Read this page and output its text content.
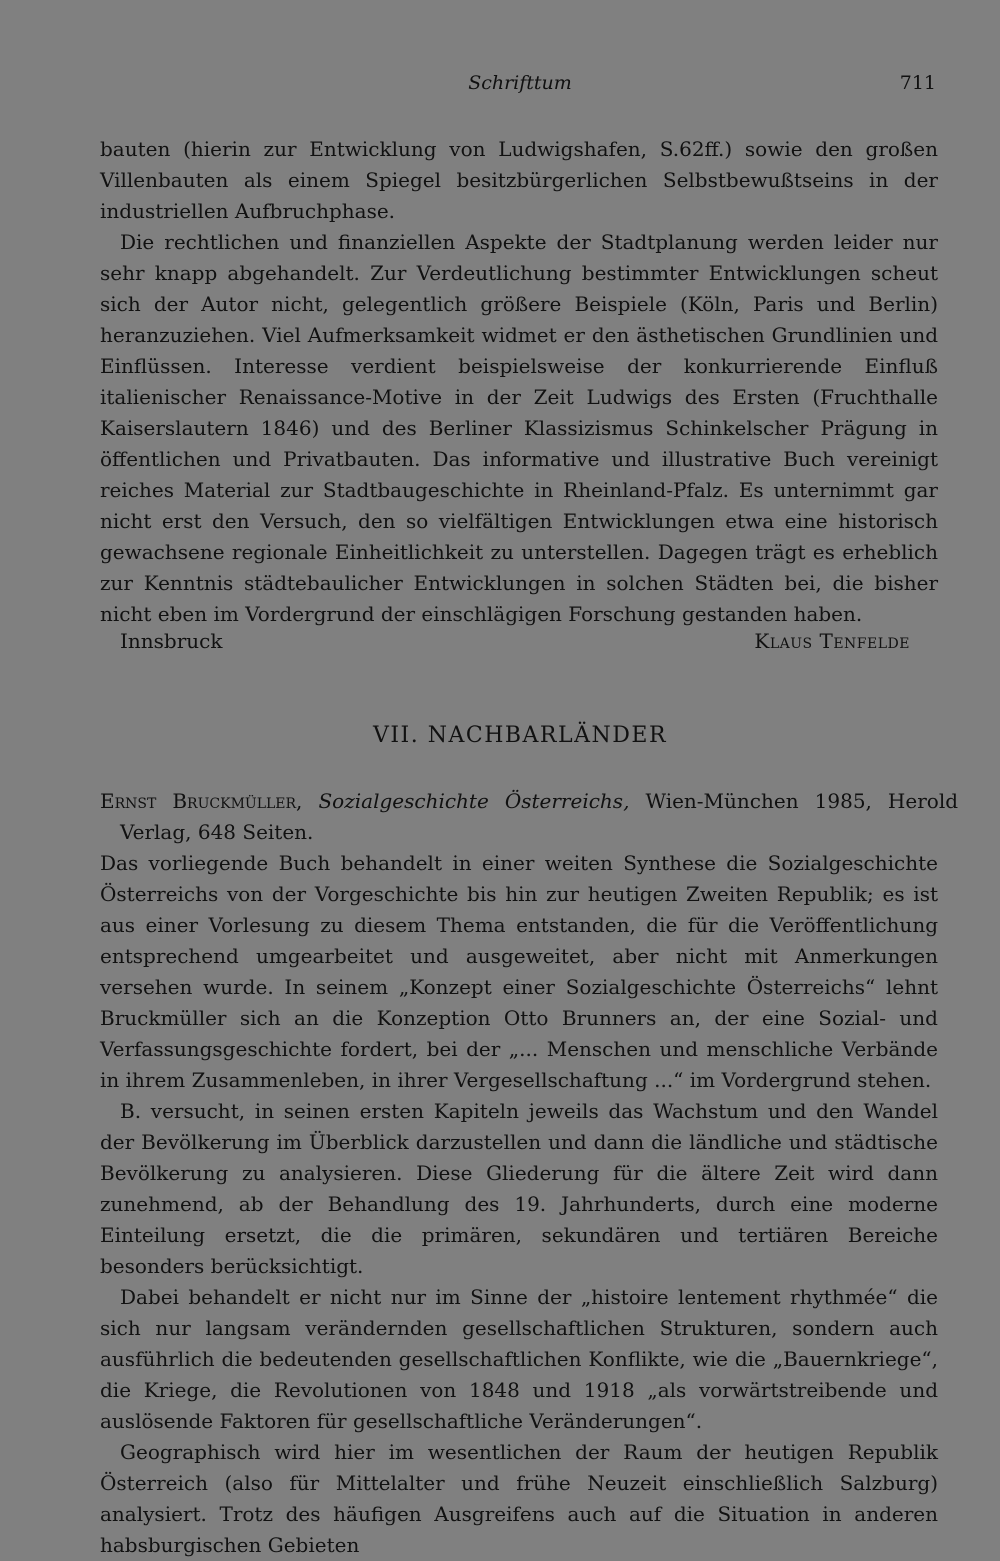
Schrifttum	711

bauten (hierin zur Entwicklung von Ludwigshafen, S.62ff.) sowie den großen Villenbauten als einem Spiegel besitzbürgerlichen Selbstbewußtseins in der industriellen Aufbruchphase.

Die rechtlichen und finanziellen Aspekte der Stadtplanung werden leider nur sehr knapp abgehandelt. Zur Verdeutlichung bestimmter Entwicklungen scheut sich der Autor nicht, gelegentlich größere Beispiele (Köln, Paris und Berlin) heranzuziehen. Viel Aufmerksamkeit widmet er den ästhetischen Grundlinien und Einflüssen. Interesse verdient beispielsweise der konkurrierende Einfluß italienischer Renaissance-Motive in der Zeit Ludwigs des Ersten (Fruchthalle Kaiserslautern 1846) und des Berliner Klassizismus Schinkelscher Prägung in öffentlichen und Privatbauten. Das informative und illustrative Buch vereinigt reiches Material zur Stadtbaugeschichte in Rheinland-Pfalz. Es unternimmt gar nicht erst den Versuch, den so vielfältigen Entwicklungen etwa eine historisch gewachsene regionale Einheitlichkeit zu unterstellen. Dagegen trägt es erheblich zur Kenntnis städtebaulicher Entwicklungen in solchen Städten bei, die bisher nicht eben im Vordergrund der einschlägigen Forschung gestanden haben.

Innsbruck	Klaus Tenfelde
VII. NACHBARLÄNDER
Ernst Bruckmüller, Sozialgeschichte Österreichs, Wien-München 1985, Herold Verlag, 648 Seiten.

Das vorliegende Buch behandelt in einer weiten Synthese die Sozialgeschichte Österreichs von der Vorgeschichte bis hin zur heutigen Zweiten Republik; es ist aus einer Vorlesung zu diesem Thema entstanden, die für die Veröffentlichung entsprechend umgearbeitet und ausgeweitet, aber nicht mit Anmerkungen versehen wurde. In seinem „Konzept einer Sozialgeschichte Österreichs“ lehnt Bruckmüller sich an die Konzeption Otto Brunners an, der eine Sozial- und Verfassungsgeschichte fordert, bei der „... Menschen und menschliche Verbände in ihrem Zusammenleben, in ihrer Vergesellschaftung ...“ im Vordergrund stehen.

B. versucht, in seinen ersten Kapiteln jeweils das Wachstum und den Wandel der Bevölkerung im Überblick darzustellen und dann die ländliche und städtische Bevölkerung zu analysieren. Diese Gliederung für die ältere Zeit wird dann zunehmend, ab der Behandlung des 19. Jahrhunderts, durch eine moderne Einteilung ersetzt, die die primären, sekundären und tertiären Bereiche besonders berücksichtigt.

Dabei behandelt er nicht nur im Sinne der „histoire lentement rhythmée“ die sich nur langsam verändernden gesellschaftlichen Strukturen, sondern auch ausführlich die bedeutenden gesellschaftlichen Konflikte, wie die „Bauernkriege“, die Kriege, die Revolutionen von 1848 und 1918 „als vorwärtstreibende und auslösende Faktoren für gesellschaftliche Veränderungen“.

Geographisch wird hier im wesentlichen der Raum der heutigen Republik Österreich (also für Mittelalter und frühe Neuzeit einschließlich Salzburg) analysiert. Trotz des häufigen Ausgreifens auch auf die Situation in anderen habsburgischen Gebieten
